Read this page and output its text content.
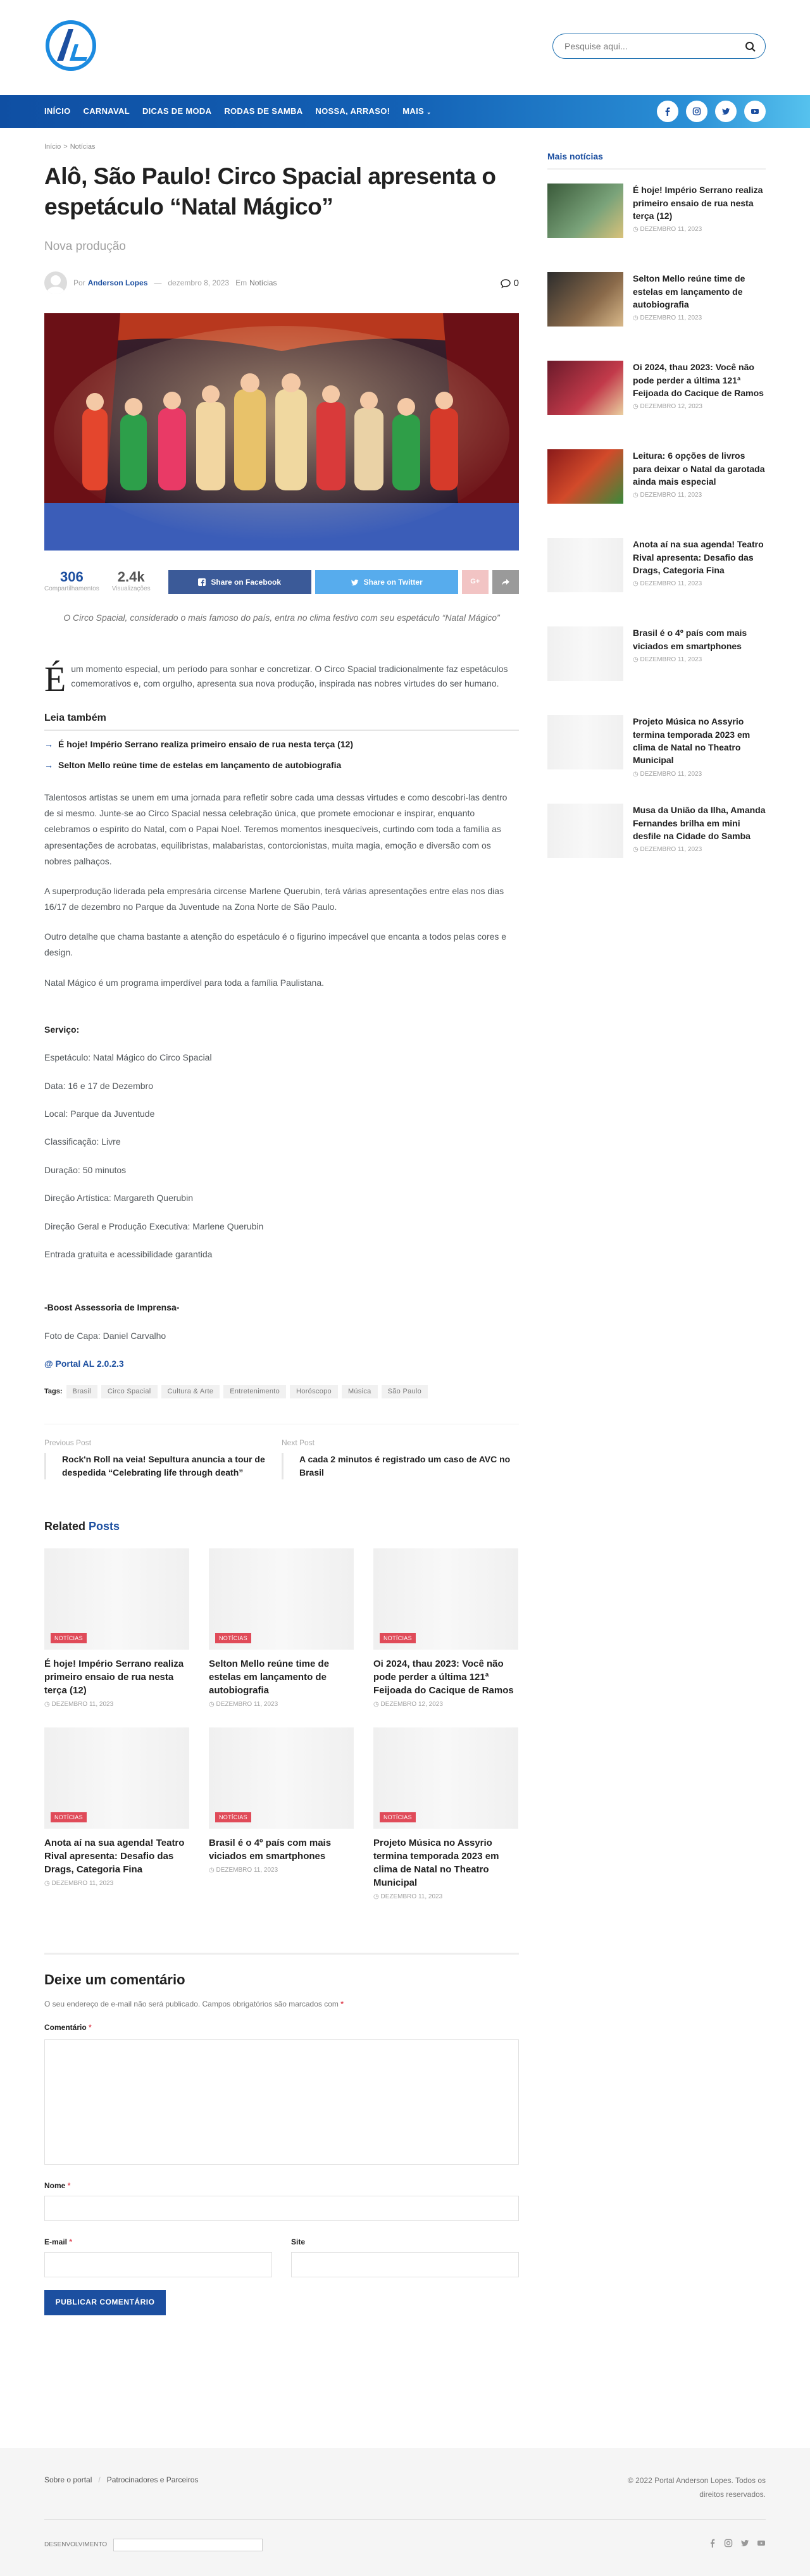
Pesquise aqui...
INÍCIO	CARNAVAL	DICAS DE MODA	RODAS DE SAMBA	NOSSA, ARRASO!	MAIS ⌄
Início > Notícias
Alô, São Paulo! Circo Spacial apresenta o espetáculo “Natal Mágico”
Nova produção
Por Anderson Lopes — dezembro 8, 2023 Em Notícias	0
306
Compartilhamentos
2.4k
Visualizações
Share on Facebook	Share on Twitter	G+

O Circo Spacial, considerado o mais famoso do país, entra no clima festivo com seu espetáculo “Natal Mágico”

É um momento especial, um período para sonhar e concretizar. O Circo Spacial tradicionalmente faz espetáculos comemorativos e, com orgulho, apresenta sua nova produção, inspirada nas nobres virtudes do ser humano.

Leia também
→ É hoje! Império Serrano realiza primeiro ensaio de rua nesta terça (12)
→ Selton Mello reúne time de estelas em lançamento de autobiografia

Talentosos artistas se unem em uma jornada para refletir sobre cada uma dessas virtudes e como descobri-las dentro de si mesmo. Junte-se ao Circo Spacial nessa celebração única, que promete emocionar e inspirar, enquanto celebramos o espírito do Natal, com o Papai Noel. Teremos momentos inesquecíveis, curtindo com toda a família as apresentações de acrobatas, equilibristas, malabaristas, contorcionistas, muita magia, emoção e diversão com os nobres palhaços.

A superprodução liderada pela empresária circense Marlene Querubin, terá várias apresentações entre elas nos dias 16/17 de dezembro no Parque da Juventude na Zona Norte de São Paulo.

Outro detalhe que chama bastante a atenção do espetáculo é o figurino impecável que encanta a todos pelas cores e design.

Natal Mágico é um programa imperdível para toda a família Paulistana.

Serviço:

Espetáculo: Natal Mágico do Circo Spacial

Data: 16 e 17 de Dezembro

Local: Parque da Juventude

Classificação: Livre

Duração: 50 minutos

Direção Artística: Margareth Querubin

Direção Geral e Produção Executiva: Marlene Querubin

Entrada gratuita e acessibilidade garantida

-Boost Assessoria de Imprensa-

Foto de Capa: Daniel Carvalho

@ Portal AL 2.0.2.3

Tags:	Brasil	Circo Spacial	Cultura & Arte	Entretenimento	Horóscopo	Música	São Paulo
Previous Post
Rock'n Roll na veia! Sepultura anuncia a tour de despedida “Celebrating life through death”
Next Post
A cada 2 minutos é registrado um caso de AVC no Brasil
Related Posts
NOTÍCIAS
É hoje! Império Serrano realiza primeiro ensaio de rua nesta terça (12)
◷ DEZEMBRO 11, 2023
NOTÍCIAS
Selton Mello reúne time de estelas em lançamento de autobiografia
◷ DEZEMBRO 11, 2023
NOTÍCIAS
Oi 2024, thau 2023: Você não pode perder a última 121ª Feijoada do Cacique de Ramos
◷ DEZEMBRO 12, 2023
NOTÍCIAS
Anota aí na sua agenda! Teatro Rival apresenta: Desafio das Drags, Categoria Fina
◷ DEZEMBRO 11, 2023
NOTÍCIAS
Brasil é o 4º país com mais viciados em smartphones
◷ DEZEMBRO 11, 2023
NOTÍCIAS
Projeto Música no Assyrio termina temporada 2023 em clima de Natal no Theatro Municipal
◷ DEZEMBRO 11, 2023
Deixe um comentário

O seu endereço de e-mail não será publicado. Campos obrigatórios são marcados com *

Comentário *
Nome *
E-mail *	Site
PUBLICAR COMENTÁRIO
Mais notícias
É hoje! Império Serrano realiza primeiro ensaio de rua nesta terça (12)
◷ DEZEMBRO 11, 2023
Selton Mello reúne time de estelas em lançamento de autobiografia
◷ DEZEMBRO 11, 2023
Oi 2024, thau 2023: Você não pode perder a última 121ª Feijoada do Cacique de Ramos
◷ DEZEMBRO 12, 2023
Leitura: 6 opções de livros para deixar o Natal da garotada ainda mais especial
◷ DEZEMBRO 11, 2023
Anota aí na sua agenda! Teatro Rival apresenta: Desafio das Drags, Categoria Fina
◷ DEZEMBRO 11, 2023
Brasil é o 4º país com mais viciados em smartphones
◷ DEZEMBRO 11, 2023
Projeto Música no Assyrio termina temporada 2023 em clima de Natal no Theatro Municipal
◷ DEZEMBRO 11, 2023
Musa da União da Ilha, Amanda Fernandes brilha em mini desfile na Cidade do Samba
◷ DEZEMBRO 11, 2023
Sobre o portal / Patrocinadores e Parceiros	© 2022 Portal Anderson Lopes. Todos os direitos reservados.
DESENVOLVIMENTO
